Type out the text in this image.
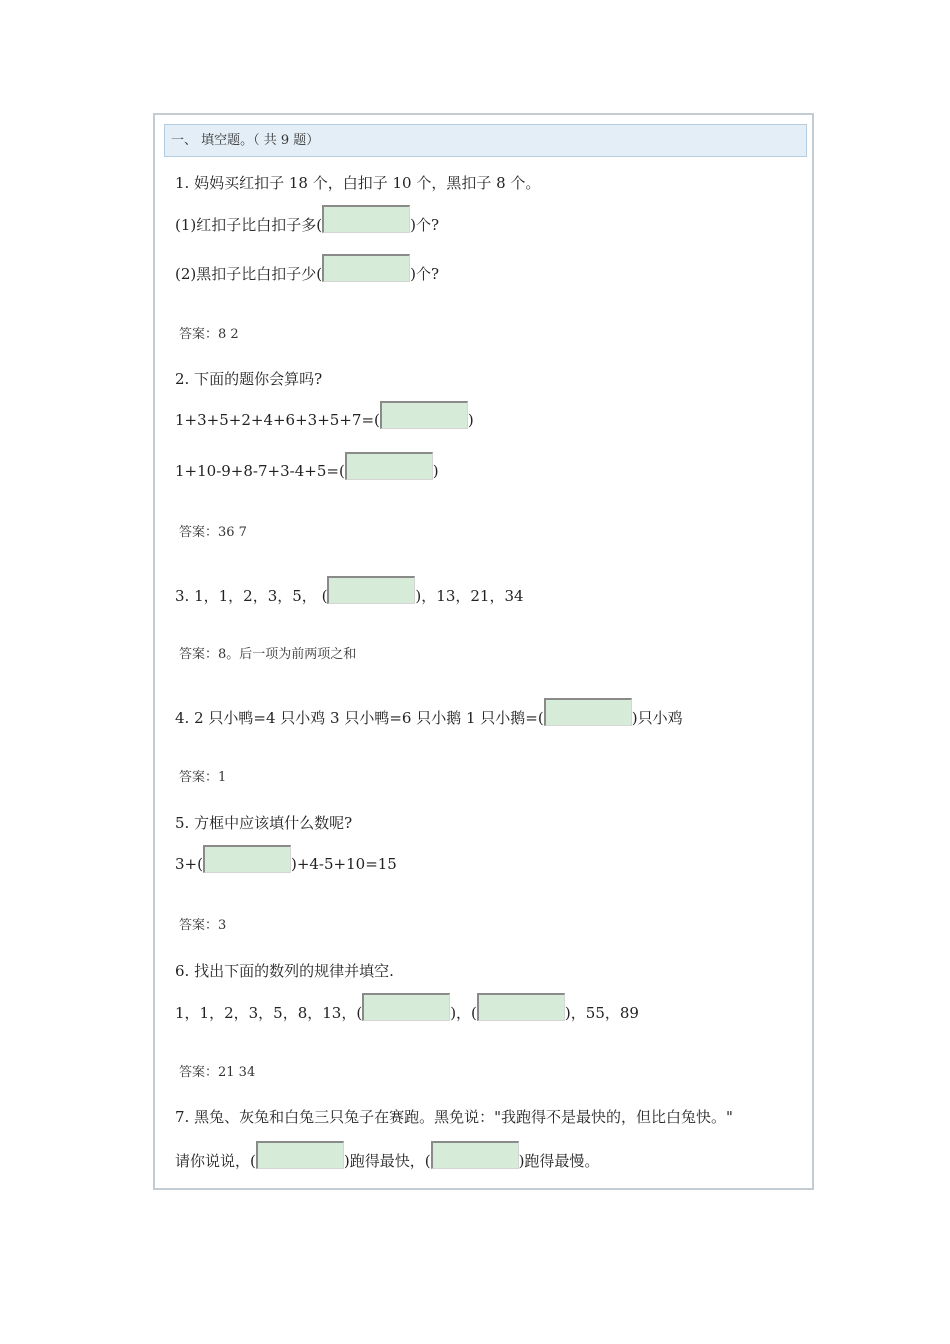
一、 填空题。（ 共 9 题）
1. 妈妈买红扣子 18 个，白扣子 10 个，黑扣子 8 个。
(1)红扣子比白扣子多(	)个?
(2)黑扣子比白扣子少(	)个?
答案：8 2
2. 下面的题你会算吗?
1+3+5+2+4+6+3+5+7=(	)
1+10-9+8-7+3-4+5=(	)
答案：36 7
3. 1，1，2，3，5， (	)，13，21，34
答案：8。后一项为前两项之和
4. 2 只小鸭=4 只小鸡 3 只小鸭=6 只小鹅 1 只小鹅=(	)只小鸡
答案：1
5. 方框中应该填什么数呢?
3+(	)+4-5+10=15
答案：3
6. 找出下面的数列的规律并填空.
1，1，2，3，5，8，13，(	)，(	)，55，89
答案：21 34
7. 黑兔、灰兔和白兔三只兔子在赛跑。黑免说："我跑得不是最快的，但比白兔快。"
请你说说，(	)跑得最快，(	)跑得最慢。
